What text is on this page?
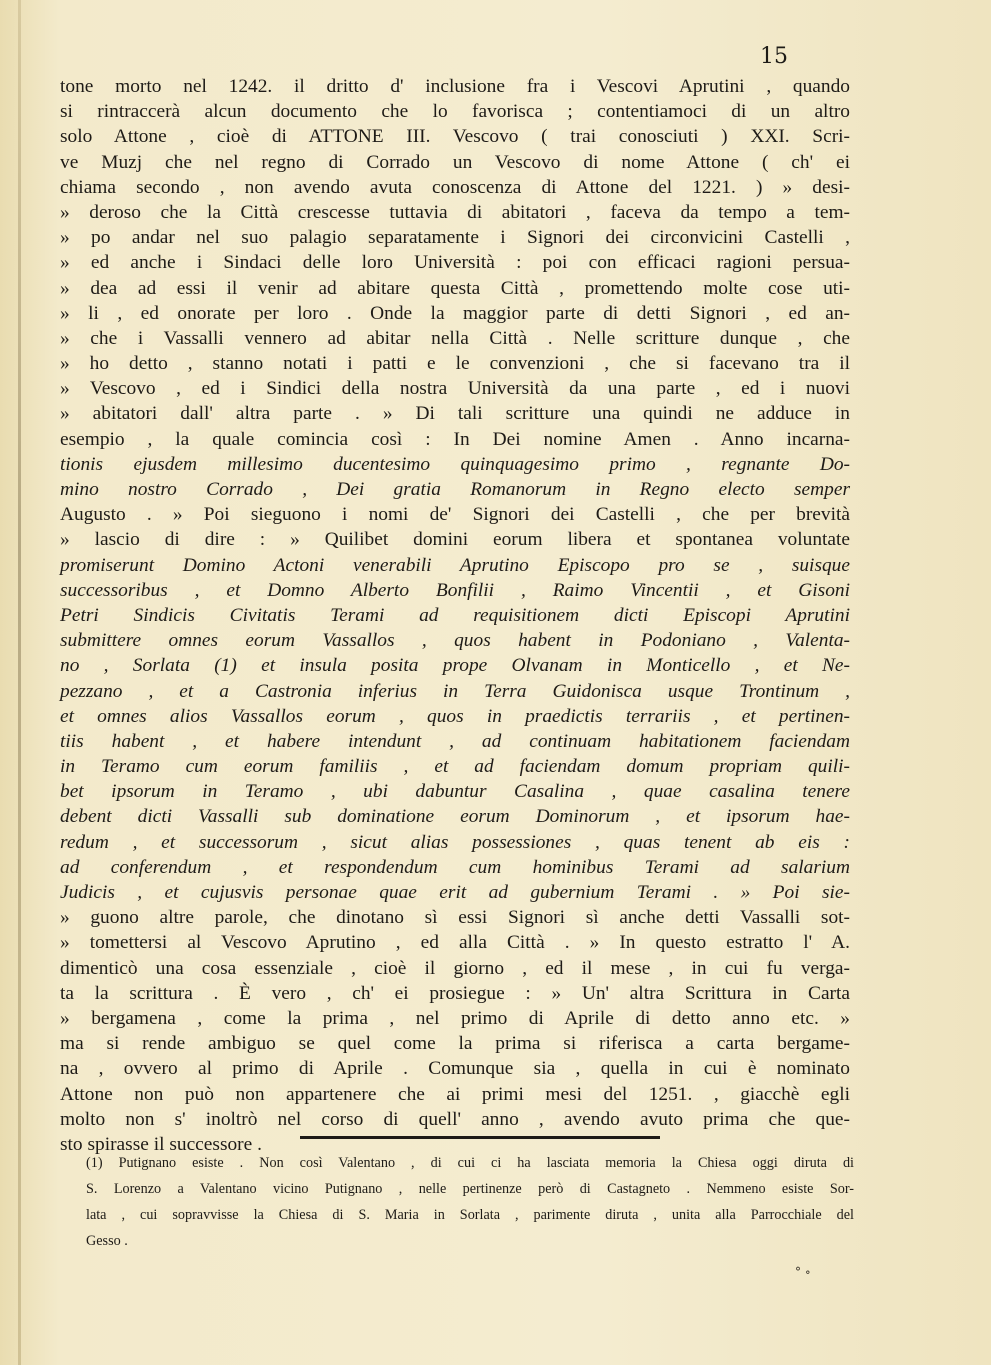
15
tone morto nel 1242. il dritto d' inclusione fra i Vescovi Aprutini , quando
si rintraccerà alcun documento che lo favorisca ; contentiamoci di un altro
solo Attone , cioè di ATTONE III. Vescovo ( trai conosciuti ) XXI. Scri-
ve Muzj che nel regno di Corrado un Vescovo di nome Attone ( ch' ei
chiama secondo , non avendo avuta conoscenza di Attone del 1221. ) » desi-
» deroso che la Città crescesse tuttavia di abitatori , faceva da tempo a tem-
» po andar nel suo palagio separatamente i Signori dei circonvicini Castelli ,
» ed anche i Sindaci delle loro Università : poi con efficaci ragioni persua-
» dea ad essi il venir ad abitare questa Città , promettendo molte cose uti-
» li , ed onorate per loro . Onde la maggior parte di detti Signori , ed an-
» che i Vassalli vennero ad abitar nella Città . Nelle scritture dunque , che
» ho detto , stanno notati i patti e le convenzioni , che si facevano tra il
» Vescovo , ed i Sindici della nostra Università da una parte , ed i nuovi
» abitatori dall' altra parte . » Di tali scritture una quindi ne adduce in
esempio , la quale comincia così : In Dei nomine Amen . Anno incarna-
tionis ejusdem millesimo ducentesimo quinquagesimo primo , regnante Do-
mino nostro Corrado , Dei gratia Romanorum in Regno electo semper
Augusto . » Poi sieguono i nomi de' Signori dei Castelli , che per brevità
» lascio di dire : » Quilibet domini eorum libera et spontanea voluntate
promiserunt Domino Actoni venerabili Aprutino Episcopo pro se , suisque
successoribus , et Domno Alberto Bonfilii , Raimo Vincentii , et Gisoni
Petri Sindicis Civitatis Terami ad requisitionem dicti Episcopi Aprutini
submittere omnes eorum Vassallos , quos habent in Podoniano , Valenta-
no , Sorlata (1) et insula posita prope Olvanam in Monticello , et Ne-
pezzano , et a Castronia inferius in Terra Guidonisca usque Trontinum ,
et omnes alios Vassallos eorum , quos in praedictis terrariis , et pertinen-
tiis habent , et habere intendunt , ad continuam habitationem faciendam
in Teramo cum eorum familiis , et ad faciendam domum propriam quili-
bet ipsorum in Teramo , ubi dabuntur Casalina , quae casalina tenere
debent dicti Vassalli sub dominatione eorum Dominorum , et ipsorum hae-
redum , et successorum , sicut alias possessiones , quas tenent ab eis :
ad conferendum , et respondendum cum hominibus Terami ad salarium
Judicis , et cujusvis personae quae erit ad gubernium Terami . » Poi sie-
» guono altre parole, che dinotano sì essi Signori sì anche detti Vassalli sot-
» tomettersi al Vescovo Aprutino , ed alla Città . » In questo estratto l' A.
dimenticò una cosa essenziale , cioè il giorno , ed il mese , in cui fu verga-
ta la scrittura . È vero , ch' ei prosiegue : » Un' altra Scrittura in Carta
» bergamena , come la prima , nel primo di Aprile di detto anno etc. »
ma si rende ambiguo se quel come la prima si riferisca a carta bergame-
na , ovvero al primo di Aprile . Comunque sia , quella in cui è nominato
Attone non può non appartenere che ai primi mesi del 1251. , giacchè egli
molto non s' inoltrò nel corso di quell' anno , avendo avuto prima che que-
sto spirasse il successore .
(1) Putignano esiste . Non così Valentano , di cui ci ha lasciata memoria la Chiesa oggi diruta di
S. Lorenzo a Valentano vicino Putignano , nelle pertinenze però di Castagneto . Nemmeno esiste Sor-
lata , cui sopravvisse la Chiesa di S. Maria in Sorlata , parimente diruta , unita alla Parrocchiale del
Gesso .
° ∘
